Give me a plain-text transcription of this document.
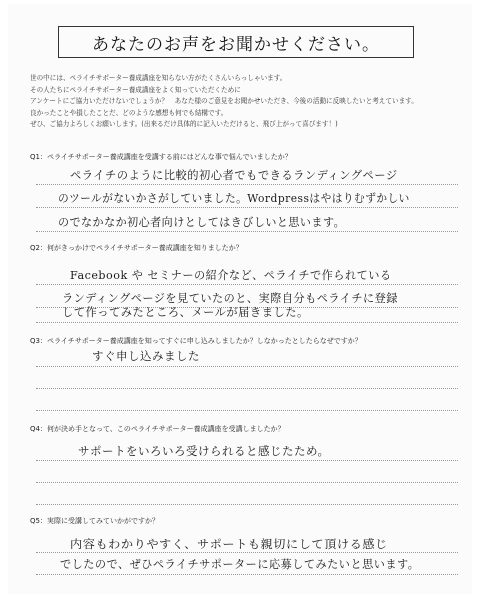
あなたのお声をお聞かせください。
世の中には、ペライチサポーター養成講座を知らない方がたくさんいらっしゃいます。
その人たちにペライチサポーター養成講座をよく知っていただくために
アンケートにご協力いただけないでしょうか？　あなた様のご意見をお聞かせいただき、今後の活動に反映したいと考えています。
良かったことや損したことだ、どのような感想も何でも結構です。
ぜひ、ご協力よろしくお願いします。(出来るだけ具体的に記入いただけると、飛び上がって喜びます！)
Q1：ペライチサポーター養成講座を受講する前にはどんな事で悩んでいましたか？
ペライチのように比較的初心者でもできるランディングページ
のツールがないかさがしていました。Wordpressはやはりむずかしい
のでなかなか初心者向けとしてはきびしいと思います。
Q2：何がきっかけでペライチサポーター養成講座を知りましたか？
Facebook や セミナーの紹介など、ペライチで作られている
ランディングページを見ていたのと、実際自分もペライチに登録
して作ってみたところ、メールが届きました。
Q3：ペライチサポーター養成講座を知ってすぐに申し込みしましたか？しなかったとしたらなぜですか？
すぐ申し込みました
Q4：何が決め手となって、このペライチサポーター養成講座を受講しましたか？
サポートをいろいろ受けられると感じたため。
Q5：実際に受講してみていかがですか？
内容もわかりやすく、サポートも親切にして頂ける感じ
でしたので、ぜひペライチサポーターに応募してみたいと思います。
